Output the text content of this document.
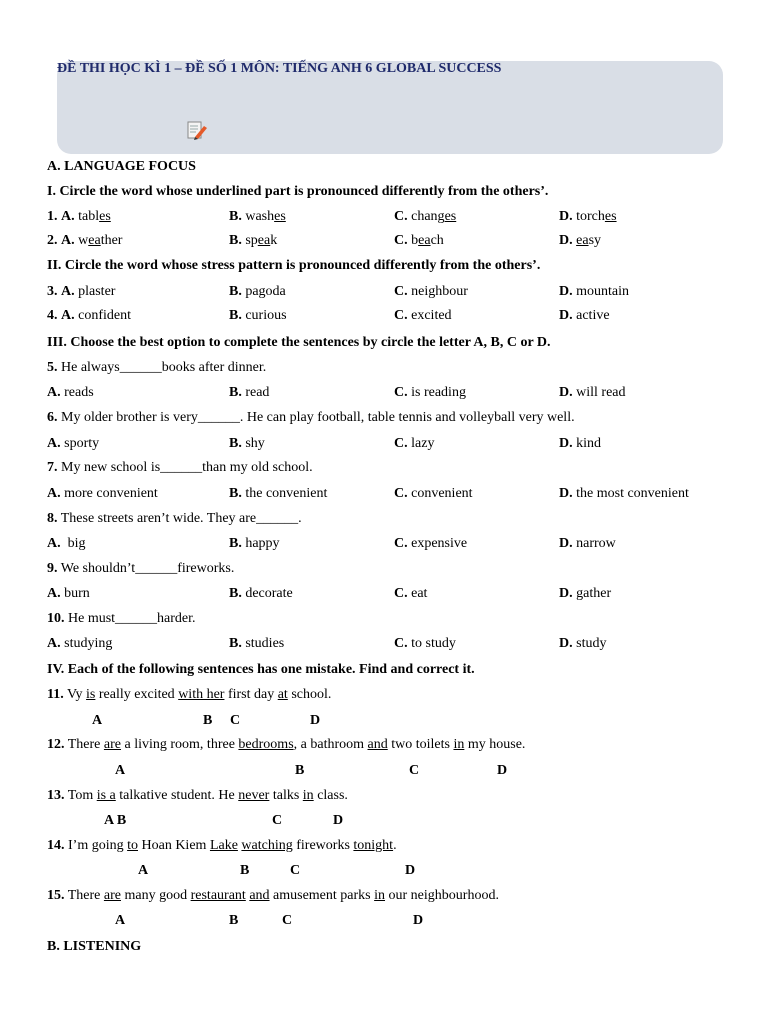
ĐỀ THI HỌC KÌ 1 – ĐỀ SỐ 1 MÔN: TIẾNG ANH 6 GLOBAL SUCCESS
A. LANGUAGE FOCUS
I. Circle the word whose underlined part is pronounced differently from the others’.
1. A. tables	B. washes	C. changes	D. torches
2. A. weather	B. speak	C. beach	D. easy
II. Circle the word whose stress pattern is pronounced differently from the others’.
3. A. plaster	B. pagoda	C. neighbour	D. mountain
4. A. confident	B. curious	C. excited	D. active
III. Choose the best option to complete the sentences by circle the letter A, B, C or D.
5. He always______books after dinner.
A. reads	B. read	C. is reading	D. will read
6. My older brother is very______. He can play football, table tennis and volleyball very well.
A. sporty	B. shy	C. lazy	D. kind
7. My new school is______than my old school.
A. more convenient	B. the convenient	C. convenient	D. the most convenient
8. These streets aren’t wide. They are______.
A. big	B. happy	C. expensive	D. narrow
9. We shouldn’t______fireworks.
A. burn	B. decorate	C. eat	D. gather
10. He must______harder.
A. studying	B. studies	C. to study	D. study
IV. Each of the following sentences has one mistake. Find and correct it.
11. Vy is really excited with her first day at school.
A	B C	D
12. There are a living room, three bedrooms, a bathroom and two toilets in my house.
A	B	C	D
13. Tom is a talkative student. He never talks in class.
A B	C	D
14. I’m going to Hoan Kiem Lake watching fireworks tonight.
A	B	C	D
15. There are many good restaurant and amusement parks in our neighbourhood.
A	B	C	D
B. LISTENING
